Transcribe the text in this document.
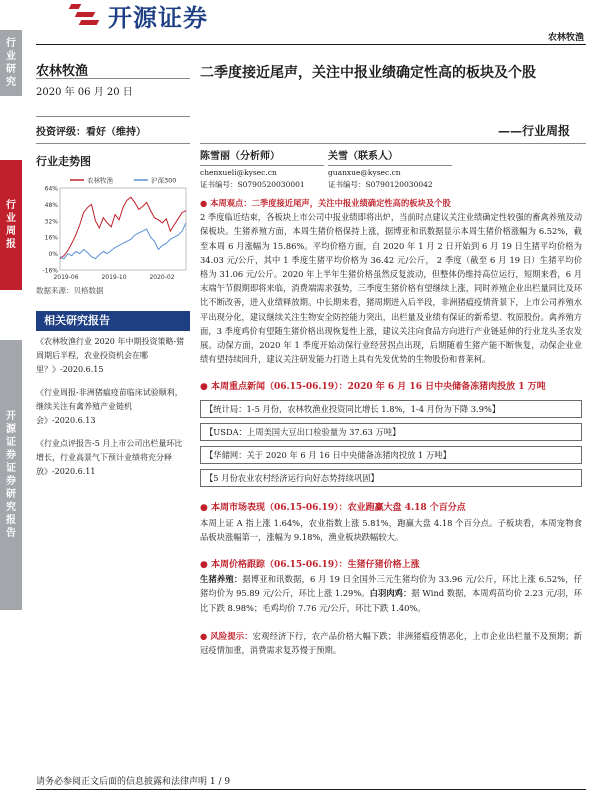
开源证券
农林牧渔
行业研究
行业周报
开源证券 证券研究报告
农林牧渔
2020 年 06 月 20 日
投资评级：看好（维持）
二季度接近尾声，关注中报业绩确定性高的板块及个股
——行业周报
陈雪丽（分析师）
chenxueli@kysec.cn
证书编号：S0790520030001
关雪（联系人）
guanxue@kysec.cn
证书编号：S0790120030042
行业走势图
-16%
0%
16%
32%
48%
64%
2019-06	2019-10	2020-02
农林牧渔	沪深300
数据来源：贝格数据
相关研究报告
《农林牧渔行业 2020 年中期投资策略-猪周期后半程，农业投资机会在哪里？》-2020.6.15
《行业周报-非洲猪瘟疫苗临床试验顺利，继续关注有禽养殖产业链机会》-2020.6.13
《行业点评报告-5 月上市公司出栏量环比增长，行业高景气下预计业绩将充分释放》-2020.6.11
● 本周观点：二季度接近尾声，关注中报业绩确定性高的板块及个股
2 季度临近结束，各板块上市公司中报业绩即将出炉，当前时点建议关注业绩确定性较强的畜禽养殖及动保板块。生猪养殖方面，本周生猪价格保持上涨，据博亚和讯数据显示本周生猪价格涨幅为 6.52%，截至本周 6 月涨幅为 15.86%。平均价格方面，自 2020 年 1 月 2 日开始到 6 月 19 日生猪平均价格为 34.03 元/公斤，其中 1 季度生猪平均价格为 36.42 元/公斤， 2 季度（截至 6 月 19 日）生猪平均价格为 31.06 元/公斤。2020 年上半年生猪价格虽然反复波动，但整体仍维持高位运行，短期来看，6 月末端午节假期即将来临，消费端需求强势，三季度生猪价格有望继续上涨，同时养殖企业出栏量同比及环比不断改善，进入业绩释放期。中长期来看，猪周期进入后半段，非洲猪瘟疫情背景下，上市公司养殖水平出现分化，建议继续关注生物安全防控能力突出，出栏量及业绩有保证的新希望、牧原股份。禽养殖方面，3 季度鸡价有望随生猪价格出现恢复性上涨，建议关注向食品方向进行产业链延伸的行业龙头圣农发展。动保方面，2020 年 1 季度开始动保行业经营拐点出现，后期随着生猪产能不断恢复，动保企业业绩有望持续回升，建议关注研发能力打造上具有先发优势的生物股份和普莱柯。
● 本周重点新闻（06.15-06.19）：2020 年 6 月 16 日中央储备冻猪肉投放 1 万吨
【统计局：1-5 月份，农林牧渔业投资同比增长 1.8%，1-4 月份为下降 3.9%】
【USDA：上周美国大豆出口检验量为 37.63 万吨】
【华储网：关于 2020 年 6 月 16 日中央储备冻猪肉投放 1 万吨】
【5 月份农业农村经济运行向好态势持续巩固】
● 本周市场表现（06.15-06.19）：农业跑赢大盘 4.18 个百分点
本周上证 A 指上涨 1.64%，农业指数上涨 5.81%，跑赢大盘 4.18 个百分点。子板块看，本周宠物食品板块涨幅第一，涨幅为 9.18%，渔业板块跌幅较大。
● 本周价格跟踪（06.15-06.19）：生猪仔猪价格上涨
生猪养殖：据博亚和讯数据，6 月 19 日全国外三元生猪均价为 33.96 元/公斤，环比上涨 6.52%，仔猪均价为 95.89 元/公斤，环比上涨 1.29%。白羽肉鸡：据 Wind 数据，本周鸡苗均价 2.23 元/羽，环比下跌 8.98%；毛鸡均价 7.76 元/公斤，环比下跌 1.40%。
● 风险提示：宏观经济下行，农产品价格大幅下跌；非洲猪瘟疫情恶化，上市企业出栏量不及预期；新冠疫情加重，消费需求复苏慢于预期。
请务必参阅正文后面的信息披露和法律声明 1 / 9
